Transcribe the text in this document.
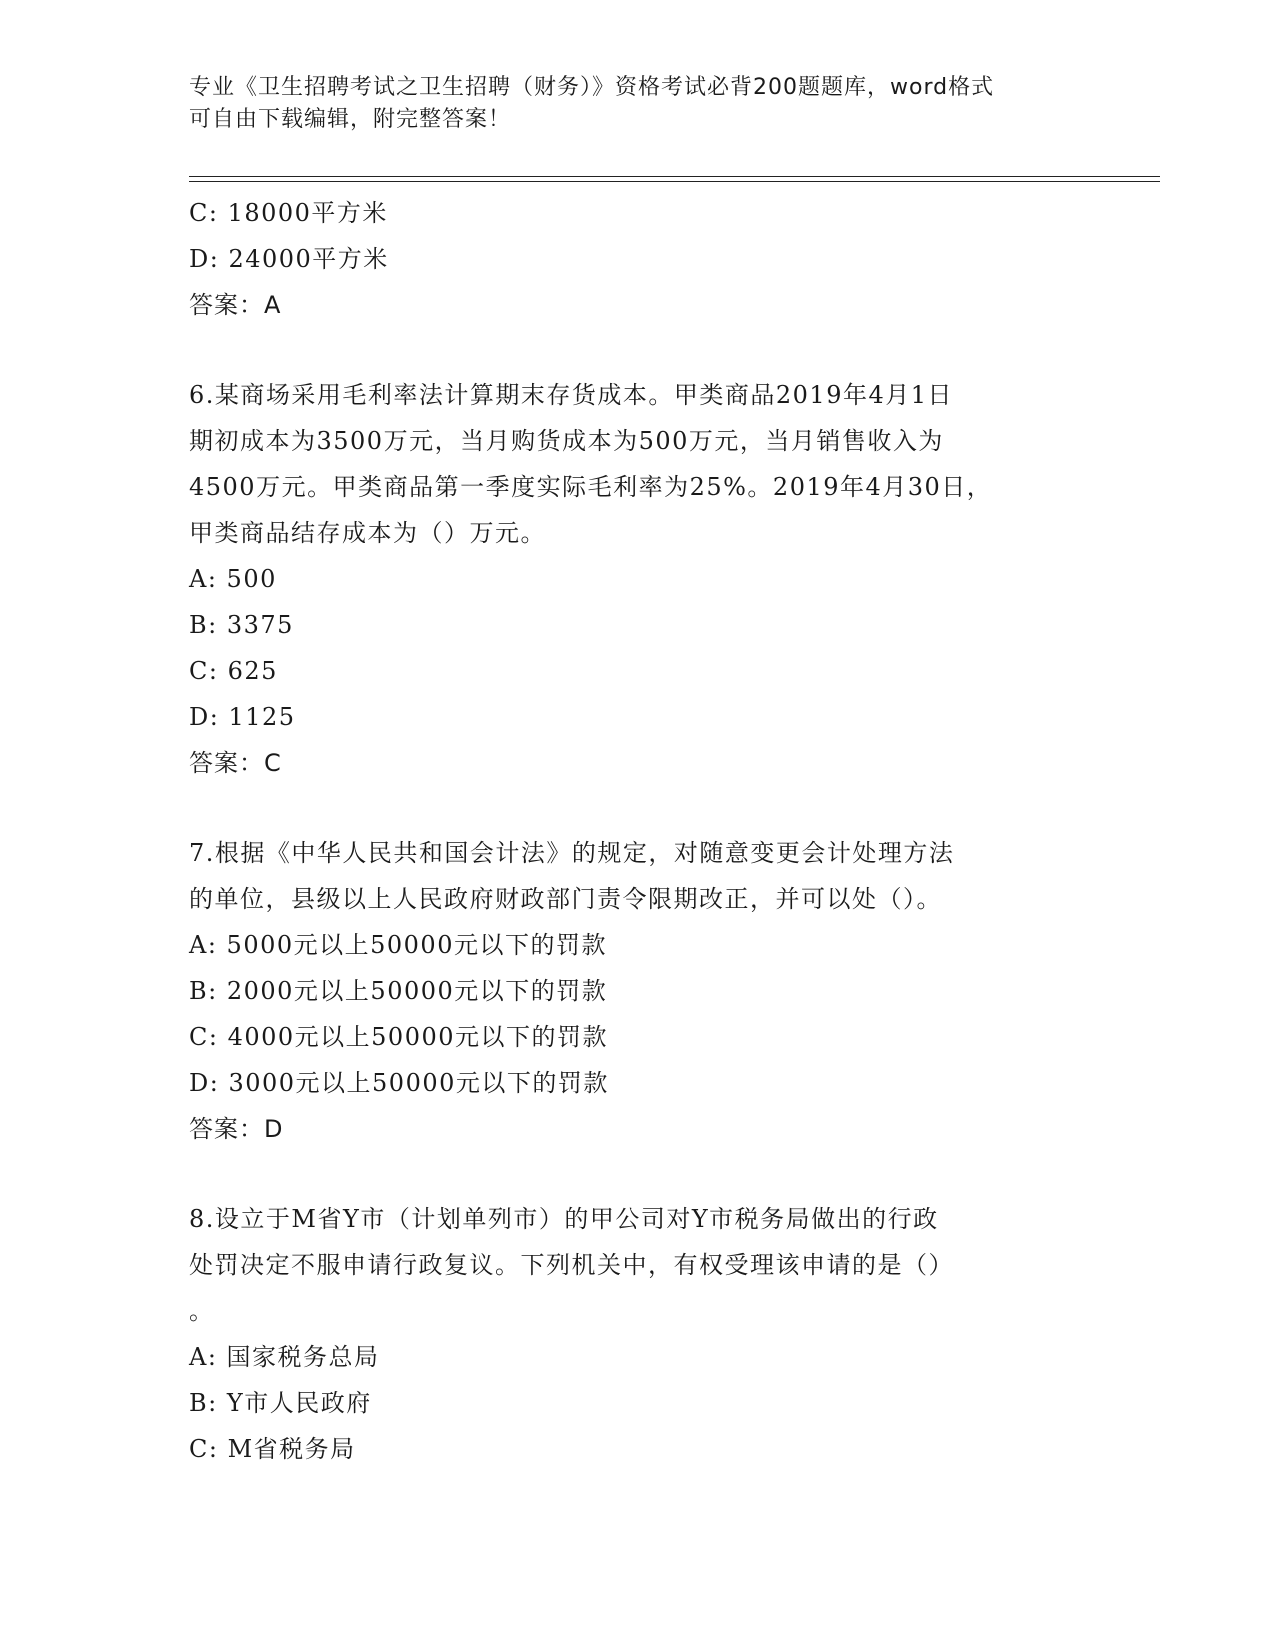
专业《卫生招聘考试之卫生招聘（财务）》资格考试必背200题题库，word格式
可自由下载编辑，附完整答案！
C: 18000平方米
D: 24000平方米
答案：A
6.某商场采用毛利率法计算期末存货成本。甲类商品2019年4月1日
期初成本为3500万元，当月购货成本为500万元，当月销售收入为
4500万元。甲类商品第一季度实际毛利率为25%。2019年4月30日，
甲类商品结存成本为（）万元。
A: 500
B: 3375
C: 625
D: 1125
答案：C
7.根据《中华人民共和国会计法》的规定，对随意变更会计处理方法
的单位，县级以上人民政府财政部门责令限期改正，并可以处（）。
A: 5000元以上50000元以下的罚款
B: 2000元以上50000元以下的罚款
C: 4000元以上50000元以下的罚款
D: 3000元以上50000元以下的罚款
答案：D
8.设立于M省Y市（计划单列市）的甲公司对Y市税务局做出的行政
处罚决定不服申请行政复议。下列机关中，有权受理该申请的是（）
。
A: 国家税务总局
B: Y市人民政府
C: M省税务局
